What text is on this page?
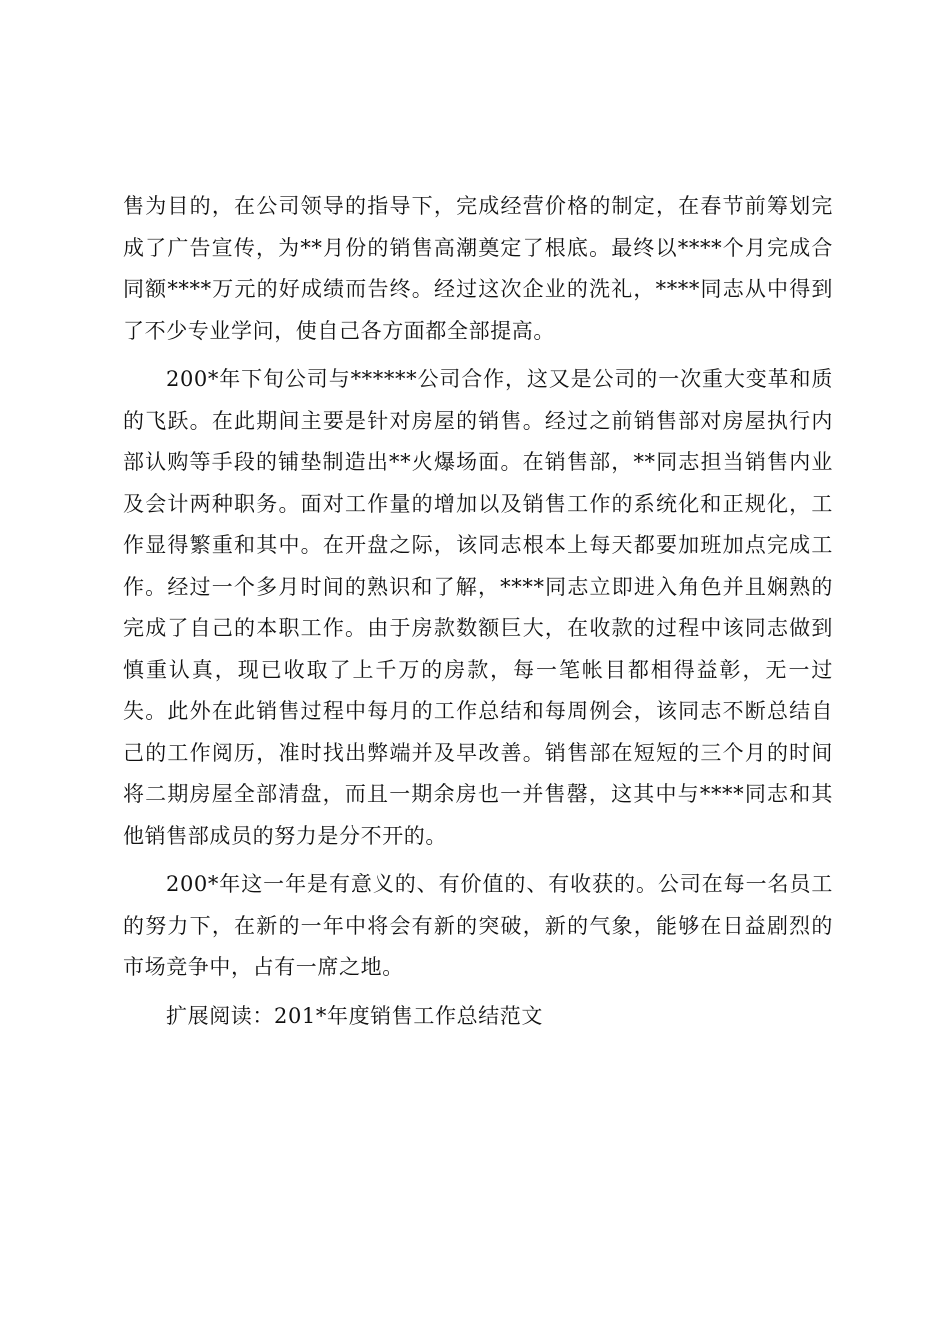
售为目的，在公司领导的指导下，完成经营价格的制定，在春节前筹划完成了广告宣传，为**月份的销售高潮奠定了根底。最终以****个月完成合同额****万元的好成绩而告终。经过这次企业的洗礼，****同志从中得到了不少专业学问，使自己各方面都全部提高。

200*年下旬公司与******公司合作，这又是公司的一次重大变革和质的飞跃。在此期间主要是针对房屋的销售。经过之前销售部对房屋执行内部认购等手段的铺垫制造出**火爆场面。在销售部，**同志担当销售内业及会计两种职务。面对工作量的增加以及销售工作的系统化和正规化，工作显得繁重和其中。在开盘之际，该同志根本上每天都要加班加点完成工作。经过一个多月时间的熟识和了解，****同志立即进入角色并且娴熟的完成了自己的本职工作。由于房款数额巨大，在收款的过程中该同志做到慎重认真，现已收取了上千万的房款，每一笔帐目都相得益彰，无一过失。此外在此销售过程中每月的工作总结和每周例会，该同志不断总结自己的工作阅历，准时找出弊端并及早改善。销售部在短短的三个月的时间将二期房屋全部清盘，而且一期余房也一并售罄，这其中与****同志和其他销售部成员的努力是分不开的。

200*年这一年是有意义的、有价值的、有收获的。公司在每一名员工的努力下，在新的一年中将会有新的突破，新的气象，能够在日益剧烈的市场竞争中，占有一席之地。

扩展阅读：201*年度销售工作总结范文
